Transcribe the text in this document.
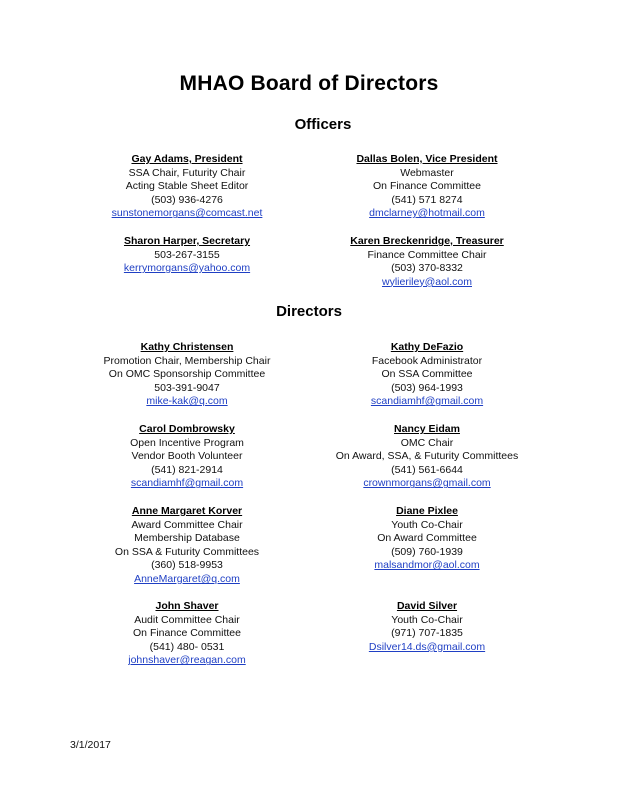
MHAO Board of Directors
Officers
Gay Adams, President
SSA Chair, Futurity Chair
Acting Stable Sheet Editor
(503) 936-4276
sunstonemorgans@comcast.net
Dallas Bolen, Vice President
Webmaster
On Finance Committee
(541) 571 8274
dmclarney@hotmail.com
Sharon Harper, Secretary
503-267-3155
kerrymorgans@yahoo.com
Karen Breckenridge, Treasurer
Finance Committee Chair
(503) 370-8332
wylieriley@aol.com
Directors
Kathy Christensen
Promotion Chair, Membership Chair
On OMC Sponsorship Committee
503-391-9047
mike-kak@q.com
Kathy DeFazio
Facebook Administrator
On SSA Committee
(503) 964-1993
scandiamhf@gmail.com
Carol Dombrowsky
Open Incentive Program
Vendor Booth Volunteer
(541) 821-2914
scandiamhf@gmail.com
Nancy Eidam
OMC Chair
On Award, SSA, & Futurity Committees
(541) 561-6644
crownmorgans@gmail.com
Anne Margaret Korver
Award Committee Chair
Membership Database
On SSA & Futurity Committees
(360) 518-9953
AnneMargaret@q.com
Diane Pixlee
Youth Co-Chair
On Award Committee
(509) 760-1939
malsandmor@aol.com
John Shaver
Audit Committee Chair
On Finance Committee
(541) 480- 0531
johnshaver@reagan.com
David Silver
Youth Co-Chair
(971) 707-1835
Dsilver14.ds@gmail.com
3/1/2017
